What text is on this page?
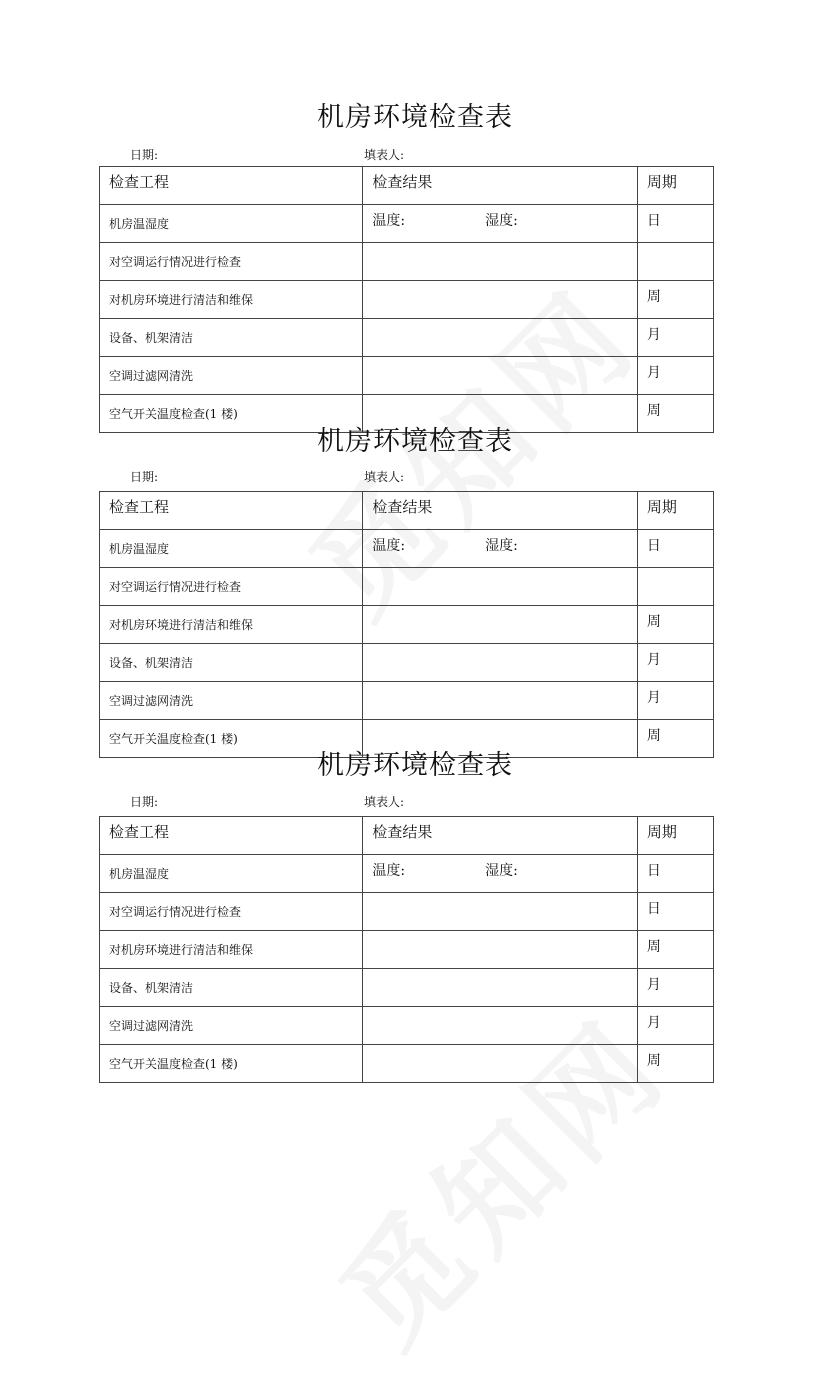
机房环境检查表
日期:	填表人:
检查工程	检查结果	周期
机房温湿度	温度: 湿度:	日
对空调运行情况进行检查		
对机房环境进行清洁和维保		周
设备、机架清洁		月
空调过滤网清洗		月
空气开关温度检查(1 楼)		周
机房环境检查表
日期:	填表人:
检查工程	检查结果	周期
机房温湿度	温度: 湿度:	日
对空调运行情况进行检查		
对机房环境进行清洁和维保		周
设备、机架清洁		月
空调过滤网清洗		月
空气开关温度检查(1 楼)		周
机房环境检查表
日期:	填表人:
检查工程	检查结果	周期
机房温湿度	温度: 湿度:	日
对空调运行情况进行检查		日
对机房环境进行清洁和维保		周
设备、机架清洁		月
空调过滤网清洗		月
空气开关温度检查(1 楼)		周
